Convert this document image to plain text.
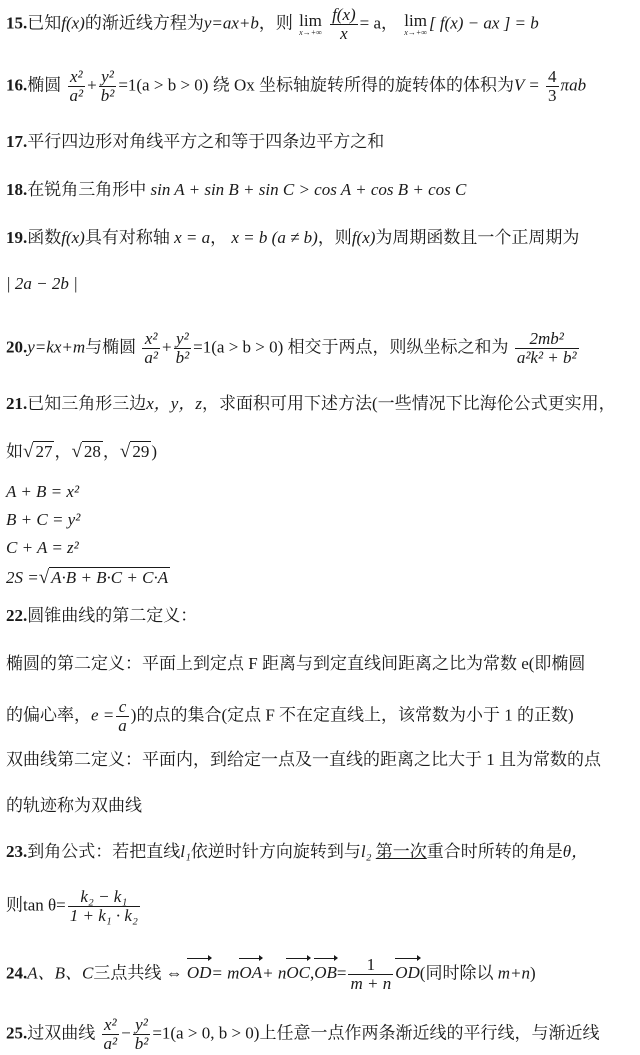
15.已知f(x)的渐近线方程为y=ax+b，则 lim
x→+∞
$\frac{f(x)}{x} = a$， lim
x→+∞
[ f(x) − ax ] = b
16.椭圆 $\frac{\text{x²}}{\text{a²}} + \frac{\text{y²}}{\text{b²}} =1(a > b > 0)$ 绕 Ox 坐标轴旋转所得的旋转体的体积为$V = \frac{4}{3}$ πab
17.平行四边形对角线平方之和等于四条边平方之和
18.在锐角三角形中 sin A + sin B + sin C > cos A + cos B + cos C
19.函数f(x)具有对称轴 x = a， x = b (a ≠ b)，则f(x)为周期函数且一个正周期为
| 2a − 2b |
20.y=kx+m与椭圆 $\frac{\text{x²}}{\text{a²}} + \frac{\text{y²}}{\text{b²}} =1(a > b > 0)$ 相交于两点，则纵坐标之和为 $\frac{\text{2mb²}}{\text{a²k² + b²}}$
21.已知三角形三边x，y，z，求面积可用下述方法(一些情况下比海伦公式更实用，
如√ 27 ，√ 28 ，√ 29 )
A + B = x²
B + C = y²
C + A = z²
2S =√ A·B + B·C + C·A
22.圆锥曲线的第二定义：
椭圆的第二定义：平面上到定点 F 距离与到定直线间距离之比为常数 e(即椭圆
的偏心率，$e = \frac{c}{a}$ )的点的集合(定点 F 不在定直线上，该常数为小于 1 的正数)
双曲线第二定义：平面内，到给定一点及一直线的距离之比大于 1 且为常数的点
的轨迹称为双曲线
23.到角公式：若把直线l₁依逆时针方向旋转到与l₂ 第一次重合时所转的角是θ，
则$\tan \theta= \frac{\text{k₂ − k₁}}{\text{1 + k₁ · k₂}}$
24.A、B、C三点共线 ⇔ $OD= mOA+ nOC,OB= \frac{1}{m + n} OD$(同时除以 m+n)
25.过双曲线 $\frac{\text{x²}}{\text{a²}} - \frac{\text{y²}}{\text{b²}} =1(a > 0$, b > 0)上任意一点作两条渐近线的平行线，与渐近线
